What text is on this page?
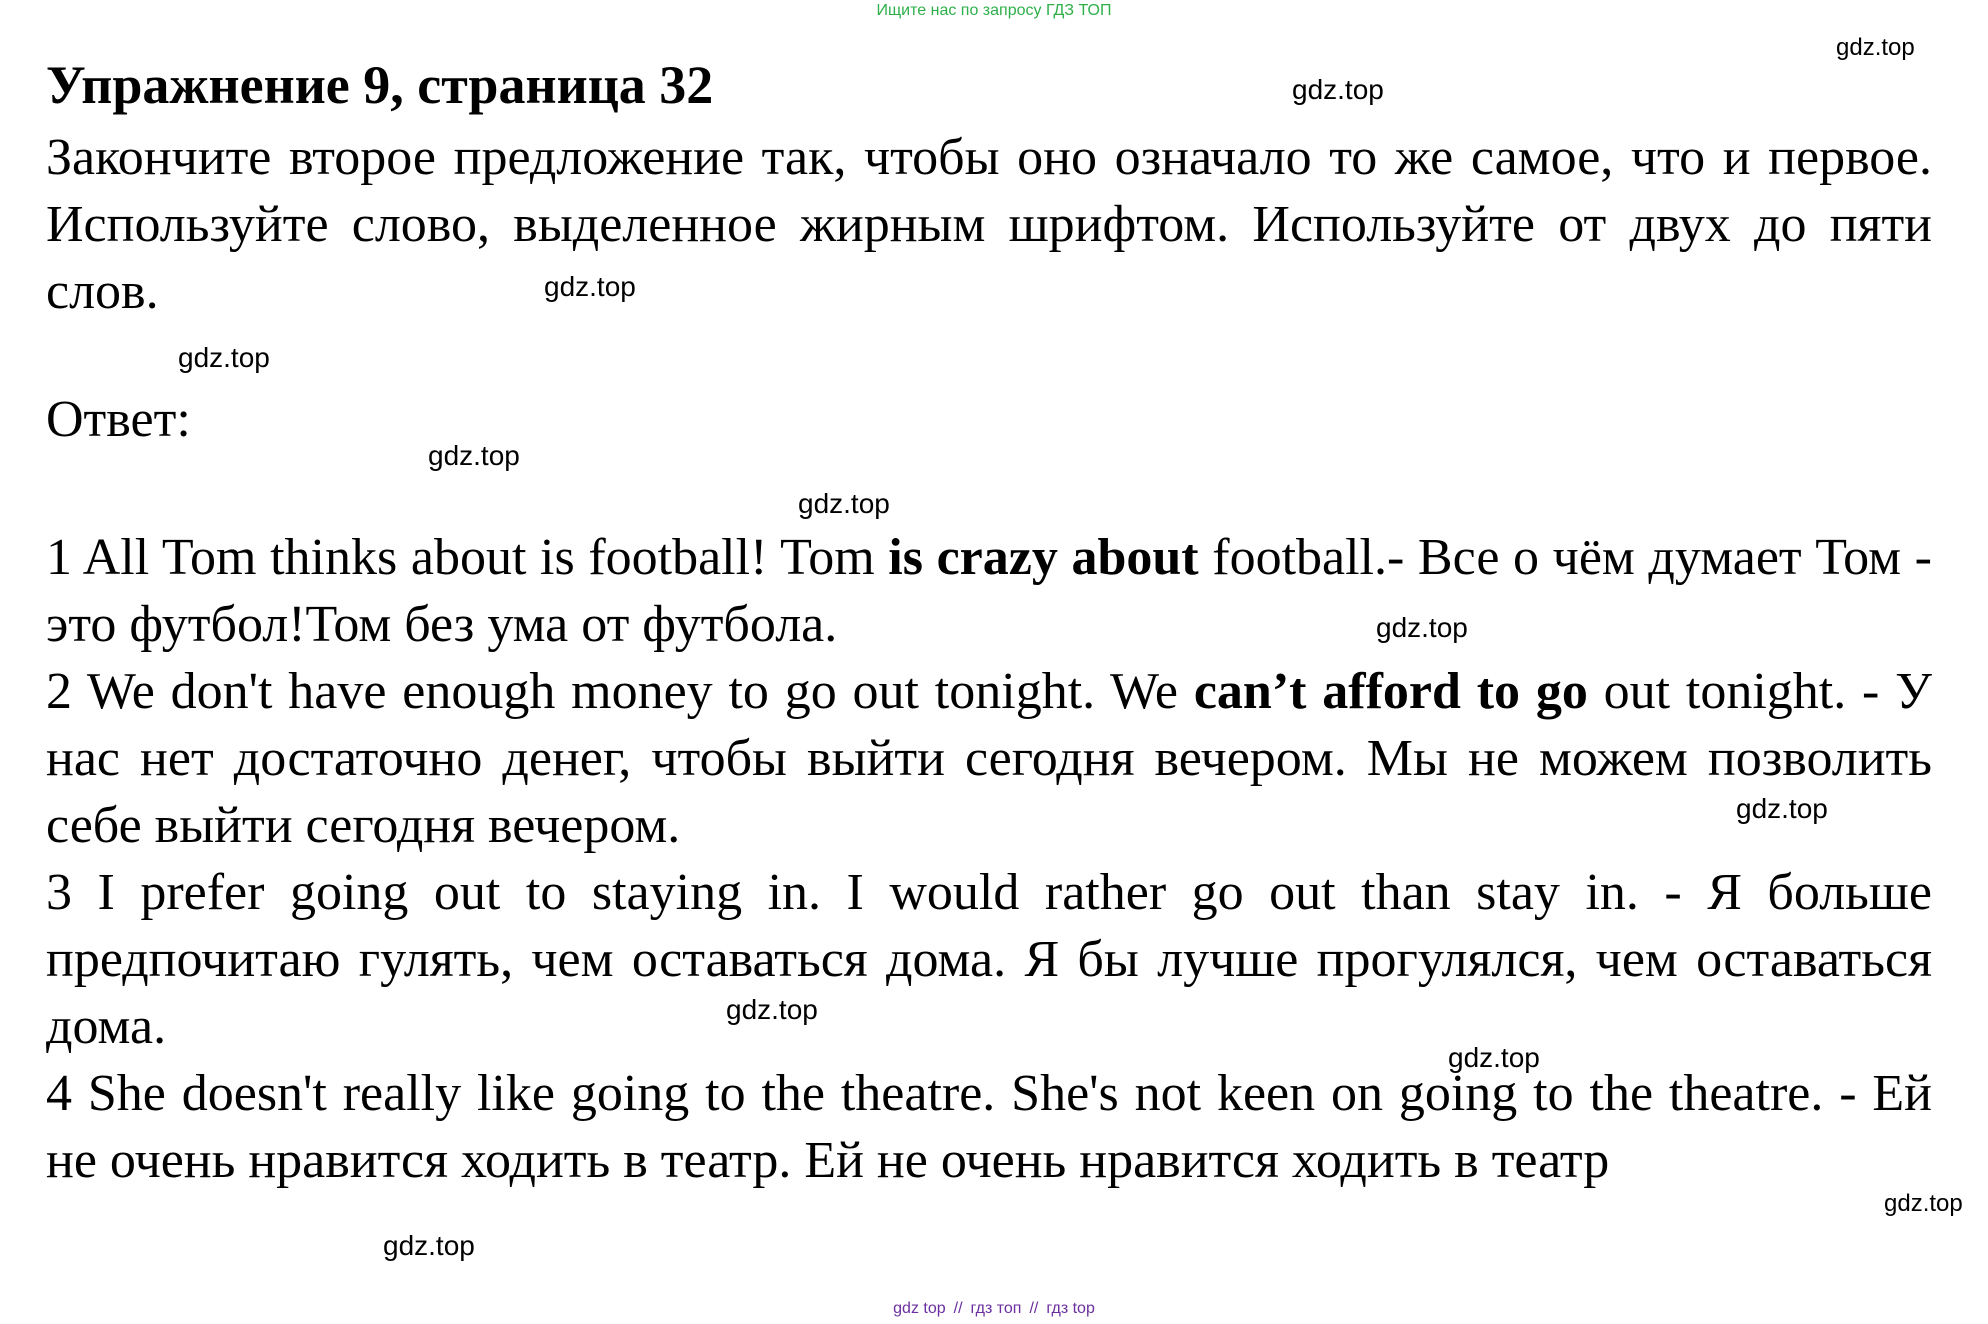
Ищите нас по запросу ГДЗ ТОП
Упражнение 9, страница 32
Закончите второе предложение так, чтобы оно означало то же самое, что и первое. Используйте слово, выделенное жирным шрифтом. Используйте от двух до пяти слов.
Ответ:

1 All Tom thinks about is football! Tom is crazy about football.- Все о чём думает Том - это футбол!Том без ума от футбола.

2 We don't have enough money to go out tonight. We can’t afford to go out tonight. - У нас нет достаточно денег, чтобы выйти сегодня вечером. Мы не можем позволить себе выйти сегодня вечером.

3 I prefer going out to staying in. I would rather go out than stay in. - Я больше предпочитаю гулять, чем оставаться дома. Я бы лучше прогулялся, чем оставаться дома.

4 She doesn't really like going to the theatre. She's not keen on going to the theatre. - Ей не очень нравится ходить в театр. Ей не очень нравится ходить в театр

gdz.top
gdz.top
gdz.top
gdz.top
gdz.top
gdz.top
gdz.top
gdz.top
gdz.top
gdz.top
gdz.top
gdz.top
gdz top // гдз топ // гдз top
